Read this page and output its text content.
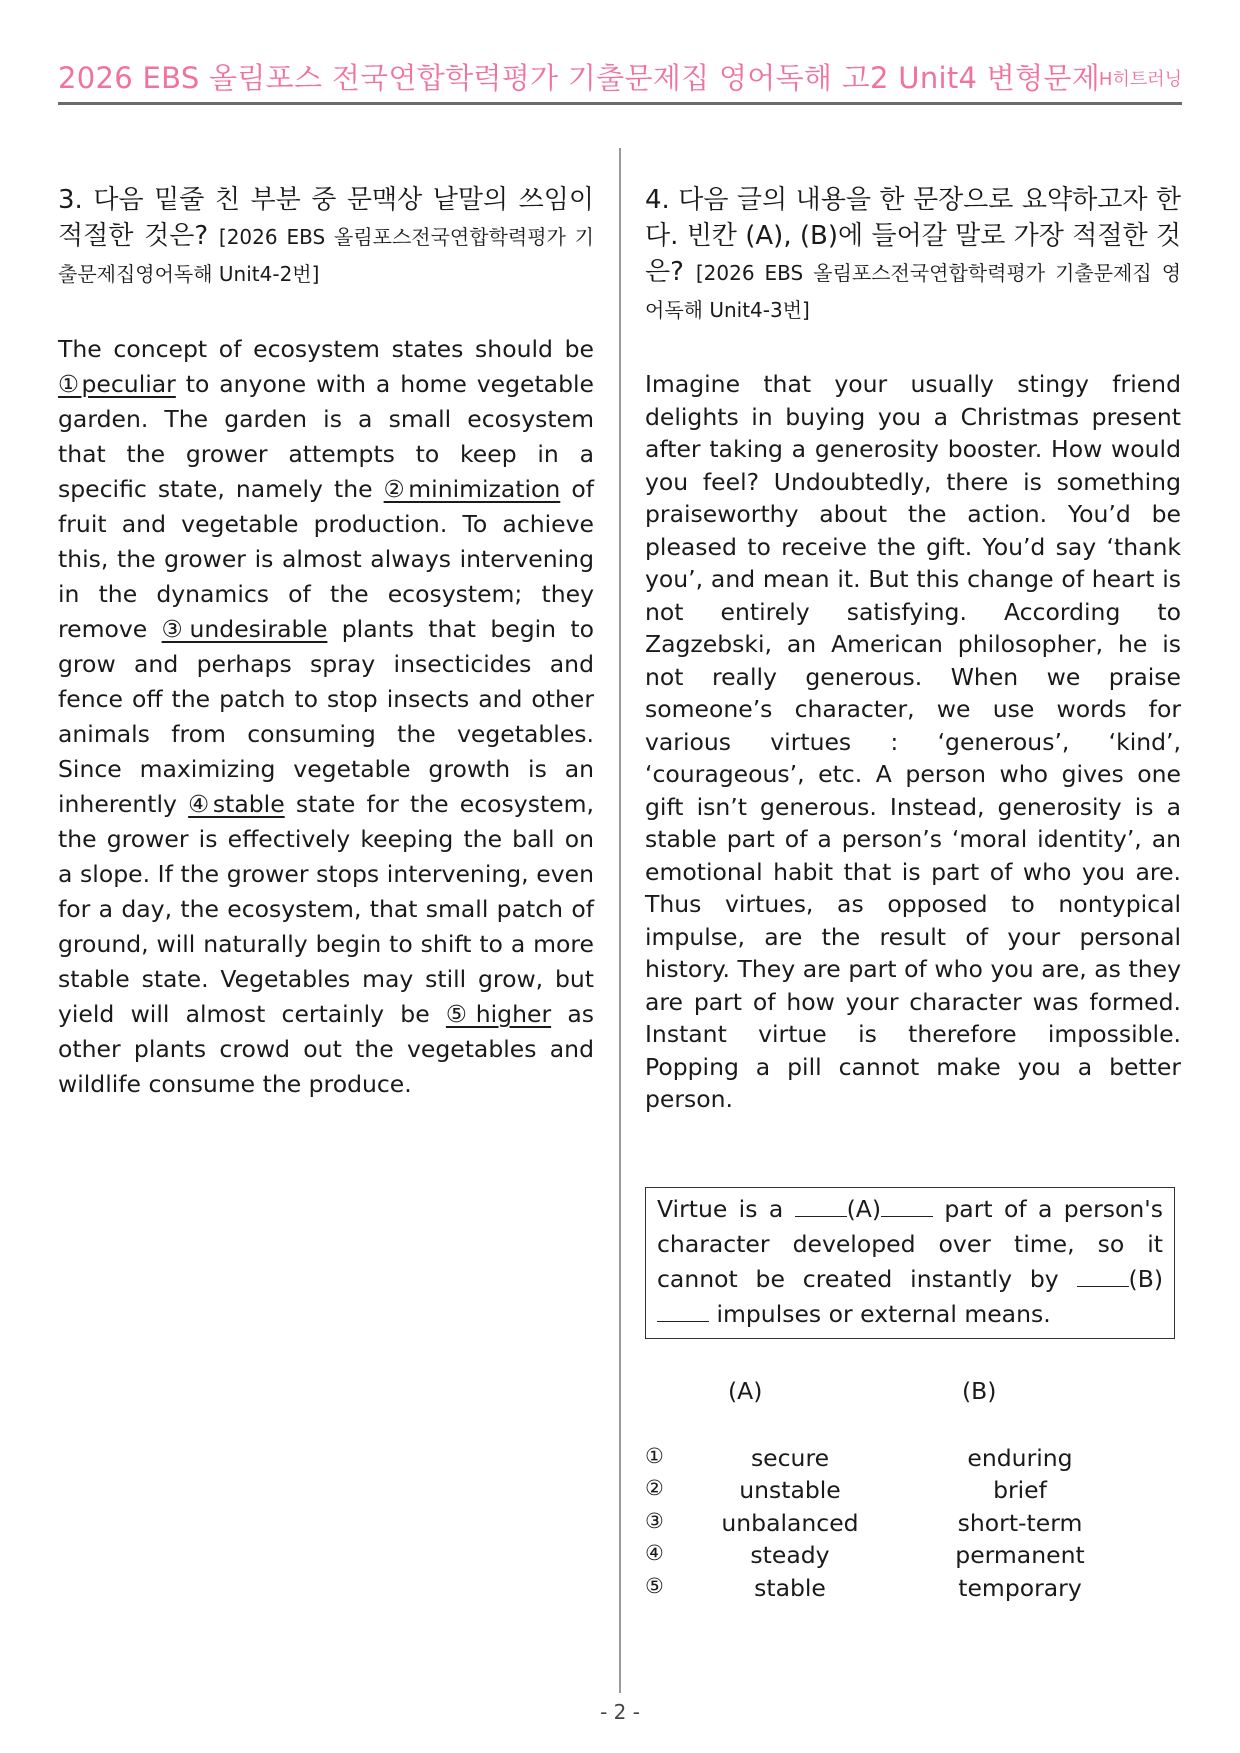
2026 EBS 올림포스 전국연합학력평가 기출문제집 영어독해 고2 Unit4 변형문제
H히트러닝

3. 다음 밑줄 친 부분 중 문맥상 낱말의 쓰임이 적절한 것은? [2026 EBS 올림포스전국연합학력평가 기출문제집영어독해 Unit4-2번]

The concept of ecosystem states should be ①peculiar to anyone with a home vegetable garden. The garden is a small ecosystem that the grower attempts to keep in a specific state, namely the ②minimization of fruit and vegetable production. To achieve this, the grower is almost always intervening in the dynamics of the ecosystem; they remove ③undesirable plants that begin to grow and perhaps spray insecticides and fence off the patch to stop insects and other animals from consuming the vegetables. Since maximizing vegetable growth is an inherently ④stable state for the ecosystem, the grower is effectively keeping the ball on a slope. If the grower stops intervening, even for a day, the ecosystem, that small patch of ground, will naturally begin to shift to a more stable state. Vegetables may still grow, but yield will almost certainly be ⑤higher as other plants crowd out the vegetables and wildlife consume the produce.

4. 다음 글의 내용을 한 문장으로 요약하고자 한다. 빈칸 (A), (B)에 들어갈 말로 가장 적절한 것은? [2026 EBS 올림포스전국연합학력평가 기출문제집 영어독해 Unit4-3번]

Imagine that your usually stingy friend delights in buying you a Christmas present after taking a generosity booster. How would you feel? Undoubtedly, there is something praiseworthy about the action. You’d be pleased to receive the gift. You’d say ‘thank you’, and mean it. But this change of heart is not entirely satisfying. According to Zagzebski, an American philosopher, he is not really generous. When we praise someone’s character, we use words for various virtues : ‘generous’, ‘kind’, ‘courageous’, etc. A person who gives one gift isn’t generous. Instead, generosity is a stable part of a person’s ‘moral identity’, an emotional habit that is part of who you are. Thus virtues, as opposed to nontypical impulse, are the result of your personal history. They are part of who you are, as they are part of how your character was formed. Instant virtue is therefore impossible. Popping a pill cannot make you a better person.

Virtue is a (A) part of a person's character developed over time, so it cannot be created instantly by (B) impulses or external means.
(A)	(B)
①	secure	enduring
②	unstable	brief
③	unbalanced	short-term
④	steady	permanent
⑤	stable	temporary
- 2 -
